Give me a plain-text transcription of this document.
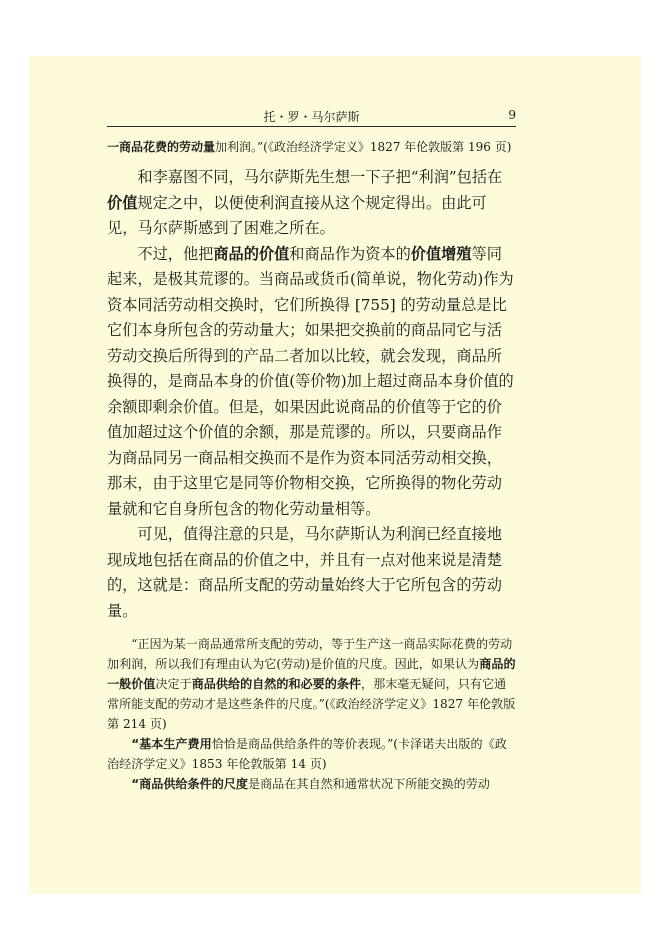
托・罗・马尔萨斯	9

一商品花费的劳动量加利润。”(《政治经济学定义》1827 年伦敦版第 196 页)

和李嘉图不同，马尔萨斯先生想一下子把“利润”包括在价值规定之中，以便使利润直接从这个规定得出。由此可见，马尔萨斯感到了困难之所在。

不过，他把商品的价值和商品作为资本的价值增殖等同起来，是极其荒谬的。当商品或货币(简单说，物化劳动)作为资本同活劳动相交换时，它们所换得 [755] 的劳动量总是比它们本身所包含的劳动量大；如果把交换前的商品同它与活劳动交换后所得到的产品二者加以比较，就会发现，商品所换得的，是商品本身的价值(等价物)加上超过商品本身价值的余额即剩余价值。但是，如果因此说商品的价值等于它的价值加超过这个价值的余额，那是荒谬的。所以，只要商品作为商品同另一商品相交换而不是作为资本同活劳动相交换，那末，由于这里它是同等价物相交换，它所换得的物化劳动量就和它自身所包含的物化劳动量相等。

可见，值得注意的只是，马尔萨斯认为利润已经直接地现成地包括在商品的价值之中，并且有一点对他来说是清楚的，这就是：商品所支配的劳动量始终大于它所包含的劳动量。

“正因为某一商品通常所支配的劳动，等于生产这一商品实际花费的劳动加利润，所以我们有理由认为它(劳动)是价值的尺度。因此，如果认为商品的一般价值决定于商品供给的自然的和必要的条件，那末毫无疑问，只有它通常所能支配的劳动才是这些条件的尺度。”(《政治经济学定义》1827 年伦敦版第 214 页)

“基本生产费用恰恰是商品供给条件的等价表现。”(卡泽诺夫出版的《政治经济学定义》1853 年伦敦版第 14 页)

“商品供给条件的尺度是商品在其自然和通常状况下所能交换的劳动
